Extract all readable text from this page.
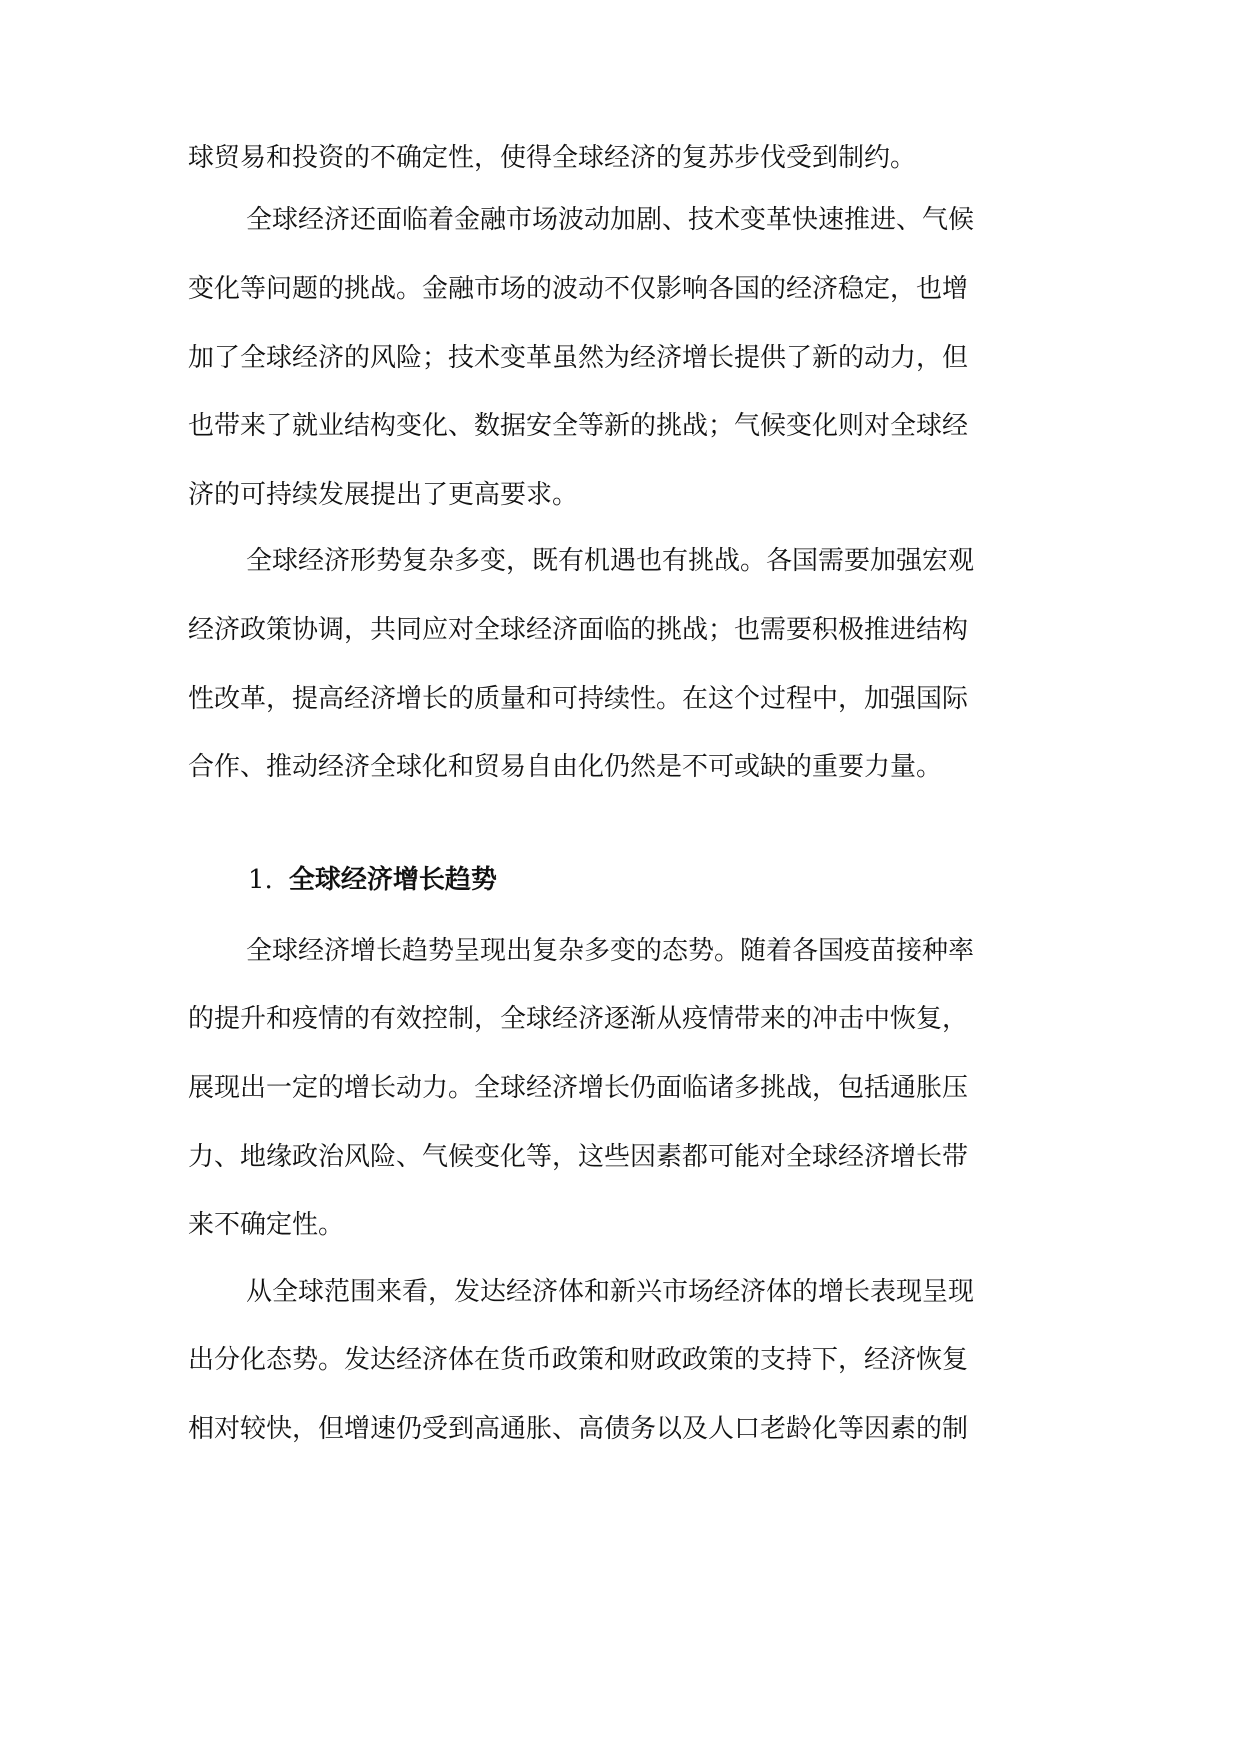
球贸易和投资的不确定性，使得全球经济的复苏步伐受到制约。
全球经济还面临着金融市场波动加剧、技术变革快速推进、气候
变化等问题的挑战。金融市场的波动不仅影响各国的经济稳定，也增
加了全球经济的风险；技术变革虽然为经济增长提供了新的动力，但
也带来了就业结构变化、数据安全等新的挑战；气候变化则对全球经
济的可持续发展提出了更高要求。
全球经济形势复杂多变，既有机遇也有挑战。各国需要加强宏观
经济政策协调，共同应对全球经济面临的挑战；也需要积极推进结构
性改革，提高经济增长的质量和可持续性。在这个过程中，加强国际
合作、推动经济全球化和贸易自由化仍然是不可或缺的重要力量。
1. 全球经济增长趋势
全球经济增长趋势呈现出复杂多变的态势。随着各国疫苗接种率
的提升和疫情的有效控制，全球经济逐渐从疫情带来的冲击中恢复，
展现出一定的增长动力。全球经济增长仍面临诸多挑战，包括通胀压
力、地缘政治风险、气候变化等，这些因素都可能对全球经济增长带
来不确定性。
从全球范围来看，发达经济体和新兴市场经济体的增长表现呈现
出分化态势。发达经济体在货币政策和财政政策的支持下，经济恢复
相对较快，但增速仍受到高通胀、高债务以及人口老龄化等因素的制
